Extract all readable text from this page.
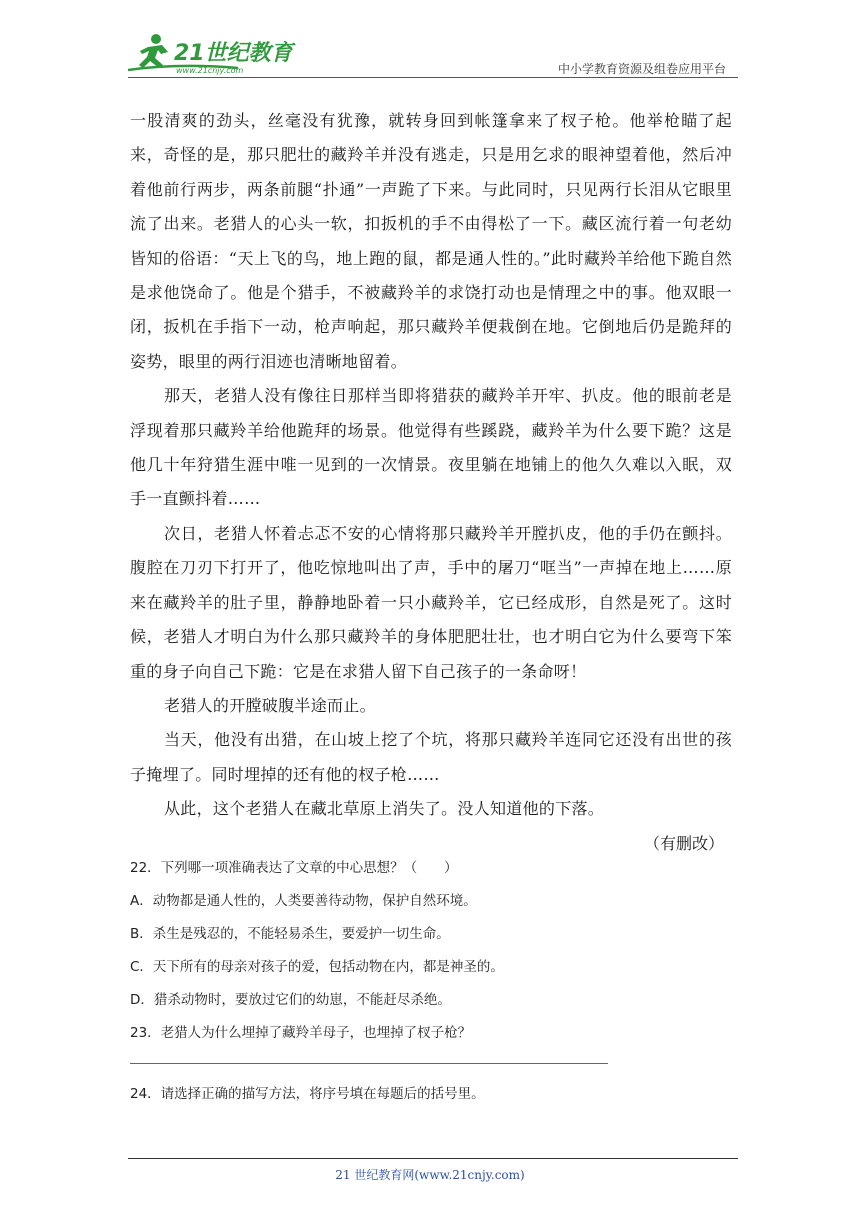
21世纪教育
www.21cnjy.com	中小学教育资源及组卷应用平台

一股清爽的劲头，丝毫没有犹豫，就转身回到帐篷拿来了杈子枪。他举枪瞄了起来，奇怪的是，那只肥壮的藏羚羊并没有逃走，只是用乞求的眼神望着他，然后冲着他前行两步，两条前腿“扑通”一声跪了下来。与此同时，只见两行长泪从它眼里流了出来。老猎人的心头一软，扣扳机的手不由得松了一下。藏区流行着一句老幼皆知的俗语：“天上飞的鸟，地上跑的鼠，都是通人性的。”此时藏羚羊给他下跪自然是求他饶命了。他是个猎手，不被藏羚羊的求饶打动也是情理之中的事。他双眼一闭，扳机在手指下一动，枪声响起，那只藏羚羊便栽倒在地。它倒地后仍是跪拜的姿势，眼里的两行泪迹也清晰地留着。

那天，老猎人没有像往日那样当即将猎获的藏羚羊开牢、扒皮。他的眼前老是浮现着那只藏羚羊给他跪拜的场景。他觉得有些蹊跷，藏羚羊为什么要下跪？这是他几十年狩猎生涯中唯一见到的一次情景。夜里躺在地铺上的他久久难以入眠，双手一直颤抖着……

次日，老猎人怀着忐忑不安的心情将那只藏羚羊开膛扒皮，他的手仍在颤抖。腹腔在刀刃下打开了，他吃惊地叫出了声，手中的屠刀“哐当”一声掉在地上……原来在藏羚羊的肚子里，静静地卧着一只小藏羚羊，它已经成形，自然是死了。这时候，老猎人才明白为什么那只藏羚羊的身体肥肥壮壮，也才明白它为什么要弯下笨重的身子向自己下跪：它是在求猎人留下自己孩子的一条命呀！

老猎人的开膛破腹半途而止。

当天，他没有出猎，在山坡上挖了个坑，将那只藏羚羊连同它还没有出世的孩子掩埋了。同时埋掉的还有他的杈子枪……

从此，这个老猎人在藏北草原上消失了。没人知道他的下落。

（有删改）

22．下列哪一项准确表达了文章的中心思想？（　　）

A．动物都是通人性的，人类要善待动物，保护自然环境。

B．杀生是残忍的，不能轻易杀生，要爱护一切生命。

C．天下所有的母亲对孩子的爱，包括动物在内，都是神圣的。

D．猎杀动物时，要放过它们的幼崽，不能赶尽杀绝。

23．老猎人为什么埋掉了藏羚羊母子，也埋掉了杈子枪？

24．请选择正确的描写方法，将序号填在每题后的括号里。

21 世纪教育网(www.21cnjy.com)
